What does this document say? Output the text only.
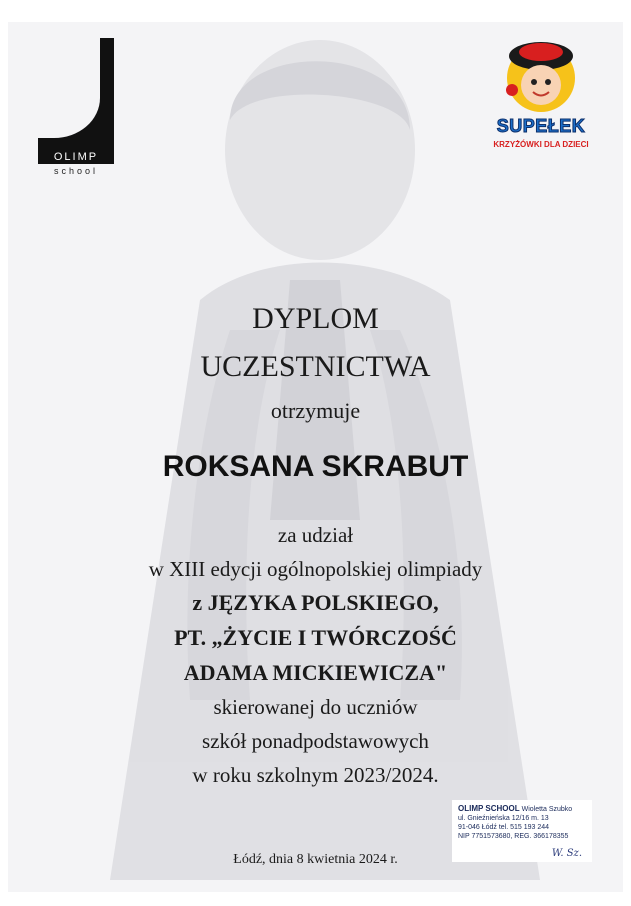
OLIMP
school
SUPEŁEK
KRZYŻÓWKI DLA DZIECI
DYPLOM
UCZESTNICTWA
otrzymuje
ROKSANA SKRABUT
za udział
w XIII edycji ogólnopolskiej olimpiady
z JĘZYKA POLSKIEGO,
PT. „ŻYCIE I TWÓRCZOŚĆ
ADAMA MICKIEWICZA"
skierowanej do uczniów
szkół ponadpodstawowych
w roku szkolnym 2023/2024.
Łódź, dnia 8 kwietnia 2024 r.
OLIMP SCHOOL Wioletta Szubko
ul. Gnieźnieńska 12/16 m. 13
91-046 Łódź tel. 515 193 244
NIP 7751573680, REG. 366178355
W. Sz.
